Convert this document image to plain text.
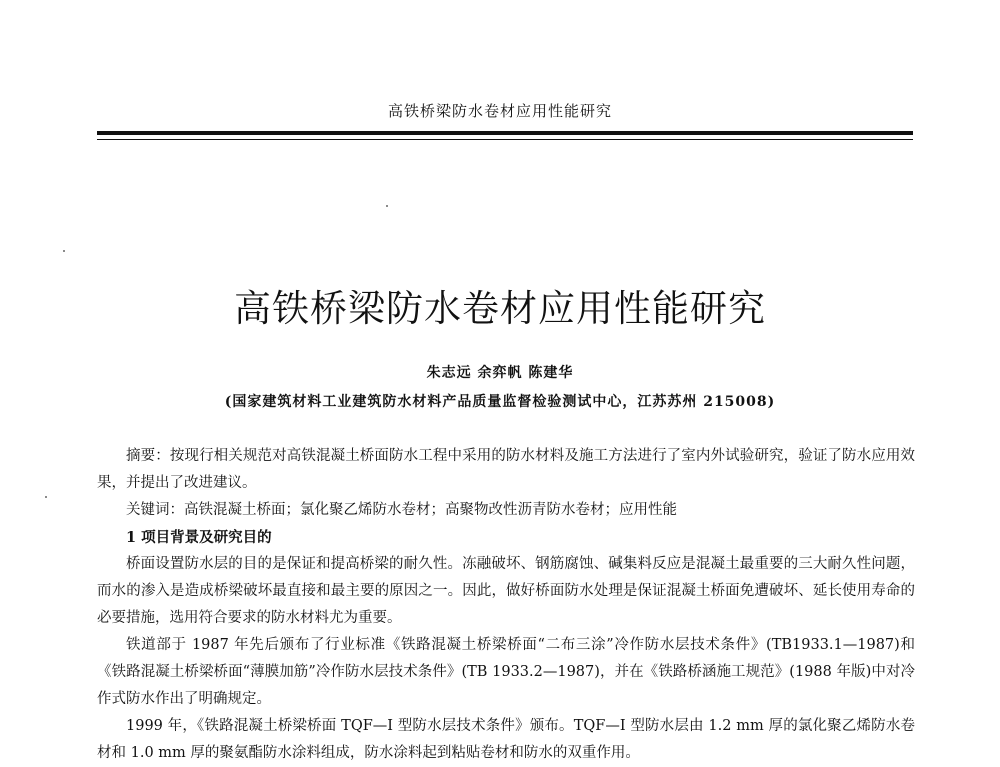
高铁桥梁防水卷材应用性能研究
高铁桥梁防水卷材应用性能研究
朱志远 余弈帆 陈建华
(国家建筑材料工业建筑防水材料产品质量监督检验测试中心，江苏苏州 215008)

摘要：按现行相关规范对高铁混凝土桥面防水工程中采用的防水材料及施工方法进行了室内外试验研究，验证了防水应用效果，并提出了改进建议。

关键词：高铁混凝土桥面；氯化聚乙烯防水卷材；高聚物改性沥青防水卷材；应用性能

1 项目背景及研究目的

桥面设置防水层的目的是保证和提高桥梁的耐久性。冻融破坏、钢筋腐蚀、碱集料反应是混凝土最重要的三大耐久性问题，而水的渗入是造成桥梁破坏最直接和最主要的原因之一。因此，做好桥面防水处理是保证混凝土桥面免遭破坏、延长使用寿命的必要措施，选用符合要求的防水材料尤为重要。

铁道部于 1987 年先后颁布了行业标准《铁路混凝土桥梁桥面“二布三涂”冷作防水层技术条件》(TB1933.1—1987)和《铁路混凝土桥梁桥面“薄膜加筋”冷作防水层技术条件》(TB 1933.2—1987)，并在《铁路桥涵施工规范》(1988 年版)中对冷作式防水作出了明确规定。

1999 年，《铁路混凝土桥梁桥面 TQF—I 型防水层技术条件》颁布。TQF—I 型防水层由 1.2 mm 厚的氯化聚乙烯防水卷材和 1.0 mm 厚的聚氨酯防水涂料组成，防水涂料起到粘贴卷材和防水的双重作用。
